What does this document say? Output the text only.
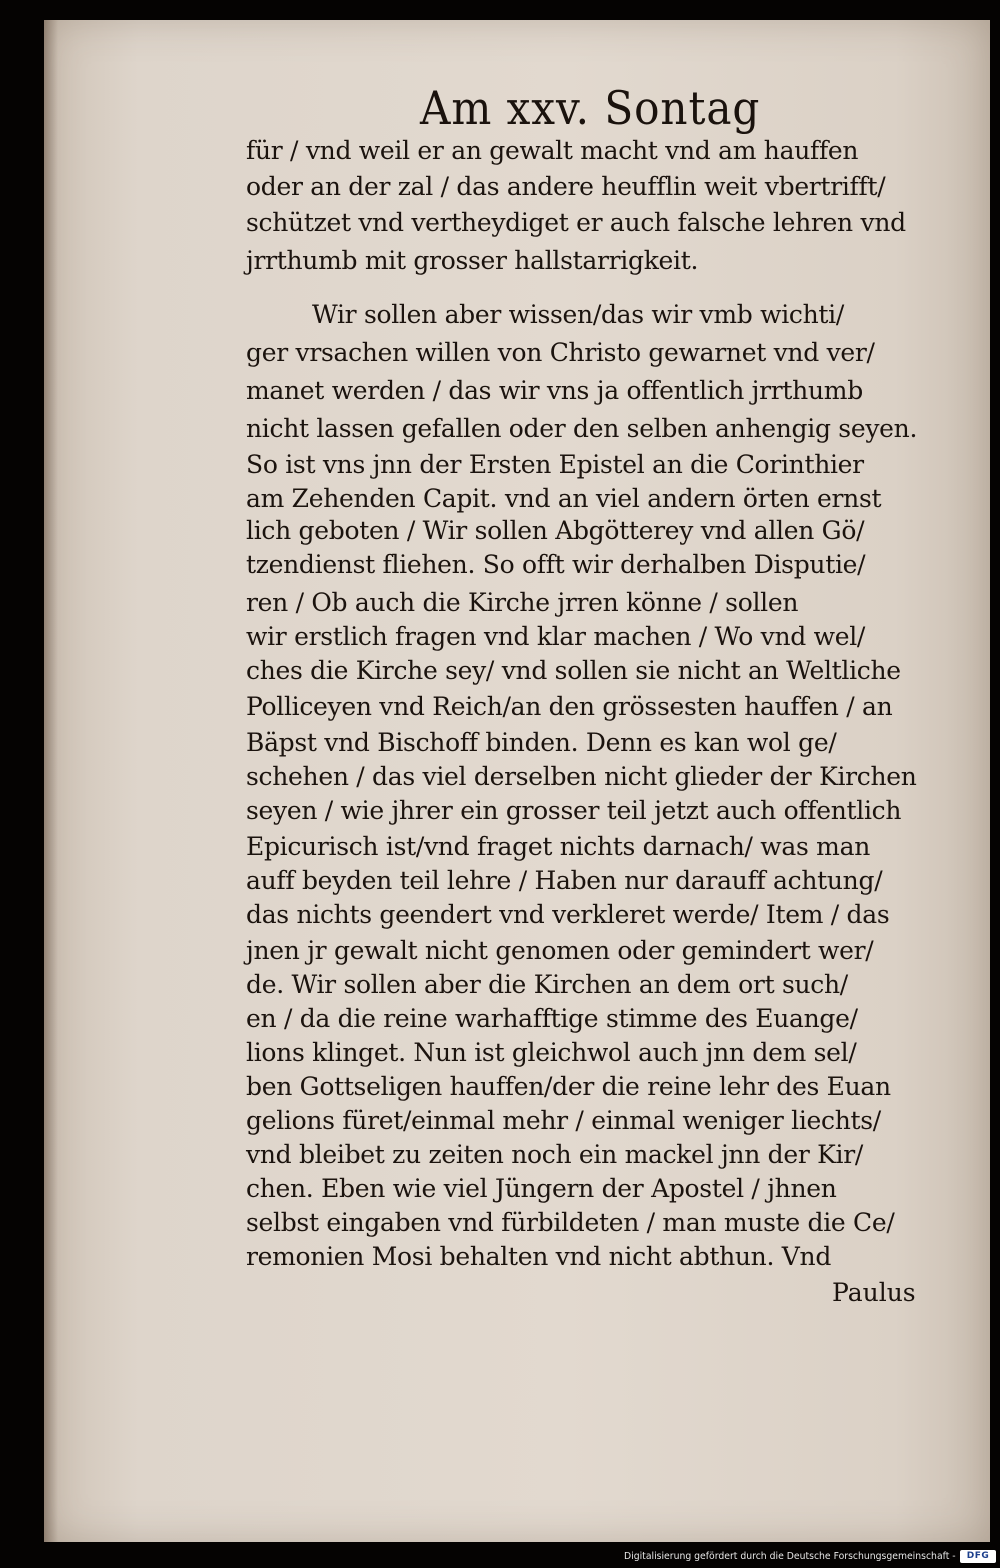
Am xxv. Sontag
für / vnd weil er an gewalt macht vnd am hauffen
oder an der zal / das andere heufflin weit vbertrifft/
schützet vnd vertheydiget er auch falsche lehren vnd
jrrthumb mit grosser hallstarrigkeit.
Wir sollen aber wissen/das wir vmb wichti/
ger vrsachen willen von Christo gewarnet vnd ver/
manet werden / das wir vns ja offentlich jrrthumb
nicht lassen gefallen oder den selben anhengig seyen.
So ist vns jnn der Ersten Epistel an die Corinthier
am Zehenden Capit. vnd an viel andern örten ernst
lich geboten / Wir sollen Abgötterey vnd allen Gö/
tzendienst fliehen. So offt wir derhalben Disputie/
ren / Ob auch die Kirche jrren könne / sollen
wir erstlich fragen vnd klar machen / Wo vnd wel/
ches die Kirche sey/ vnd sollen sie nicht an Weltliche
Polliceyen vnd Reich/an den grössesten hauffen / an
Bäpst vnd Bischoff binden. Denn es kan wol ge/
schehen / das viel derselben nicht glieder der Kirchen
seyen / wie jhrer ein grosser teil jetzt auch offentlich
Epicurisch ist/vnd fraget nichts darnach/ was man
auff beyden teil lehre / Haben nur darauff achtung/
das nichts geendert vnd verkleret werde/ Item / das
jnen jr gewalt nicht genomen oder gemindert wer/
de. Wir sollen aber die Kirchen an dem ort such/
en / da die reine warhafftige stimme des Euange/
lions klinget. Nun ist gleichwol auch jnn dem sel/
ben Gottseligen hauffen/der die reine lehr des Euan
gelions füret/einmal mehr / einmal weniger liechts/
vnd bleibet zu zeiten noch ein mackel jnn der Kir/
chen. Eben wie viel Jüngern der Apostel / jhnen
selbst eingaben vnd fürbildeten / man muste die Ce/
remonien Mosi behalten vnd nicht abthun. Vnd
Paulus
Digitalisierung gefördert durch die Deutsche Forschungsgemeinschaft -	DFG
